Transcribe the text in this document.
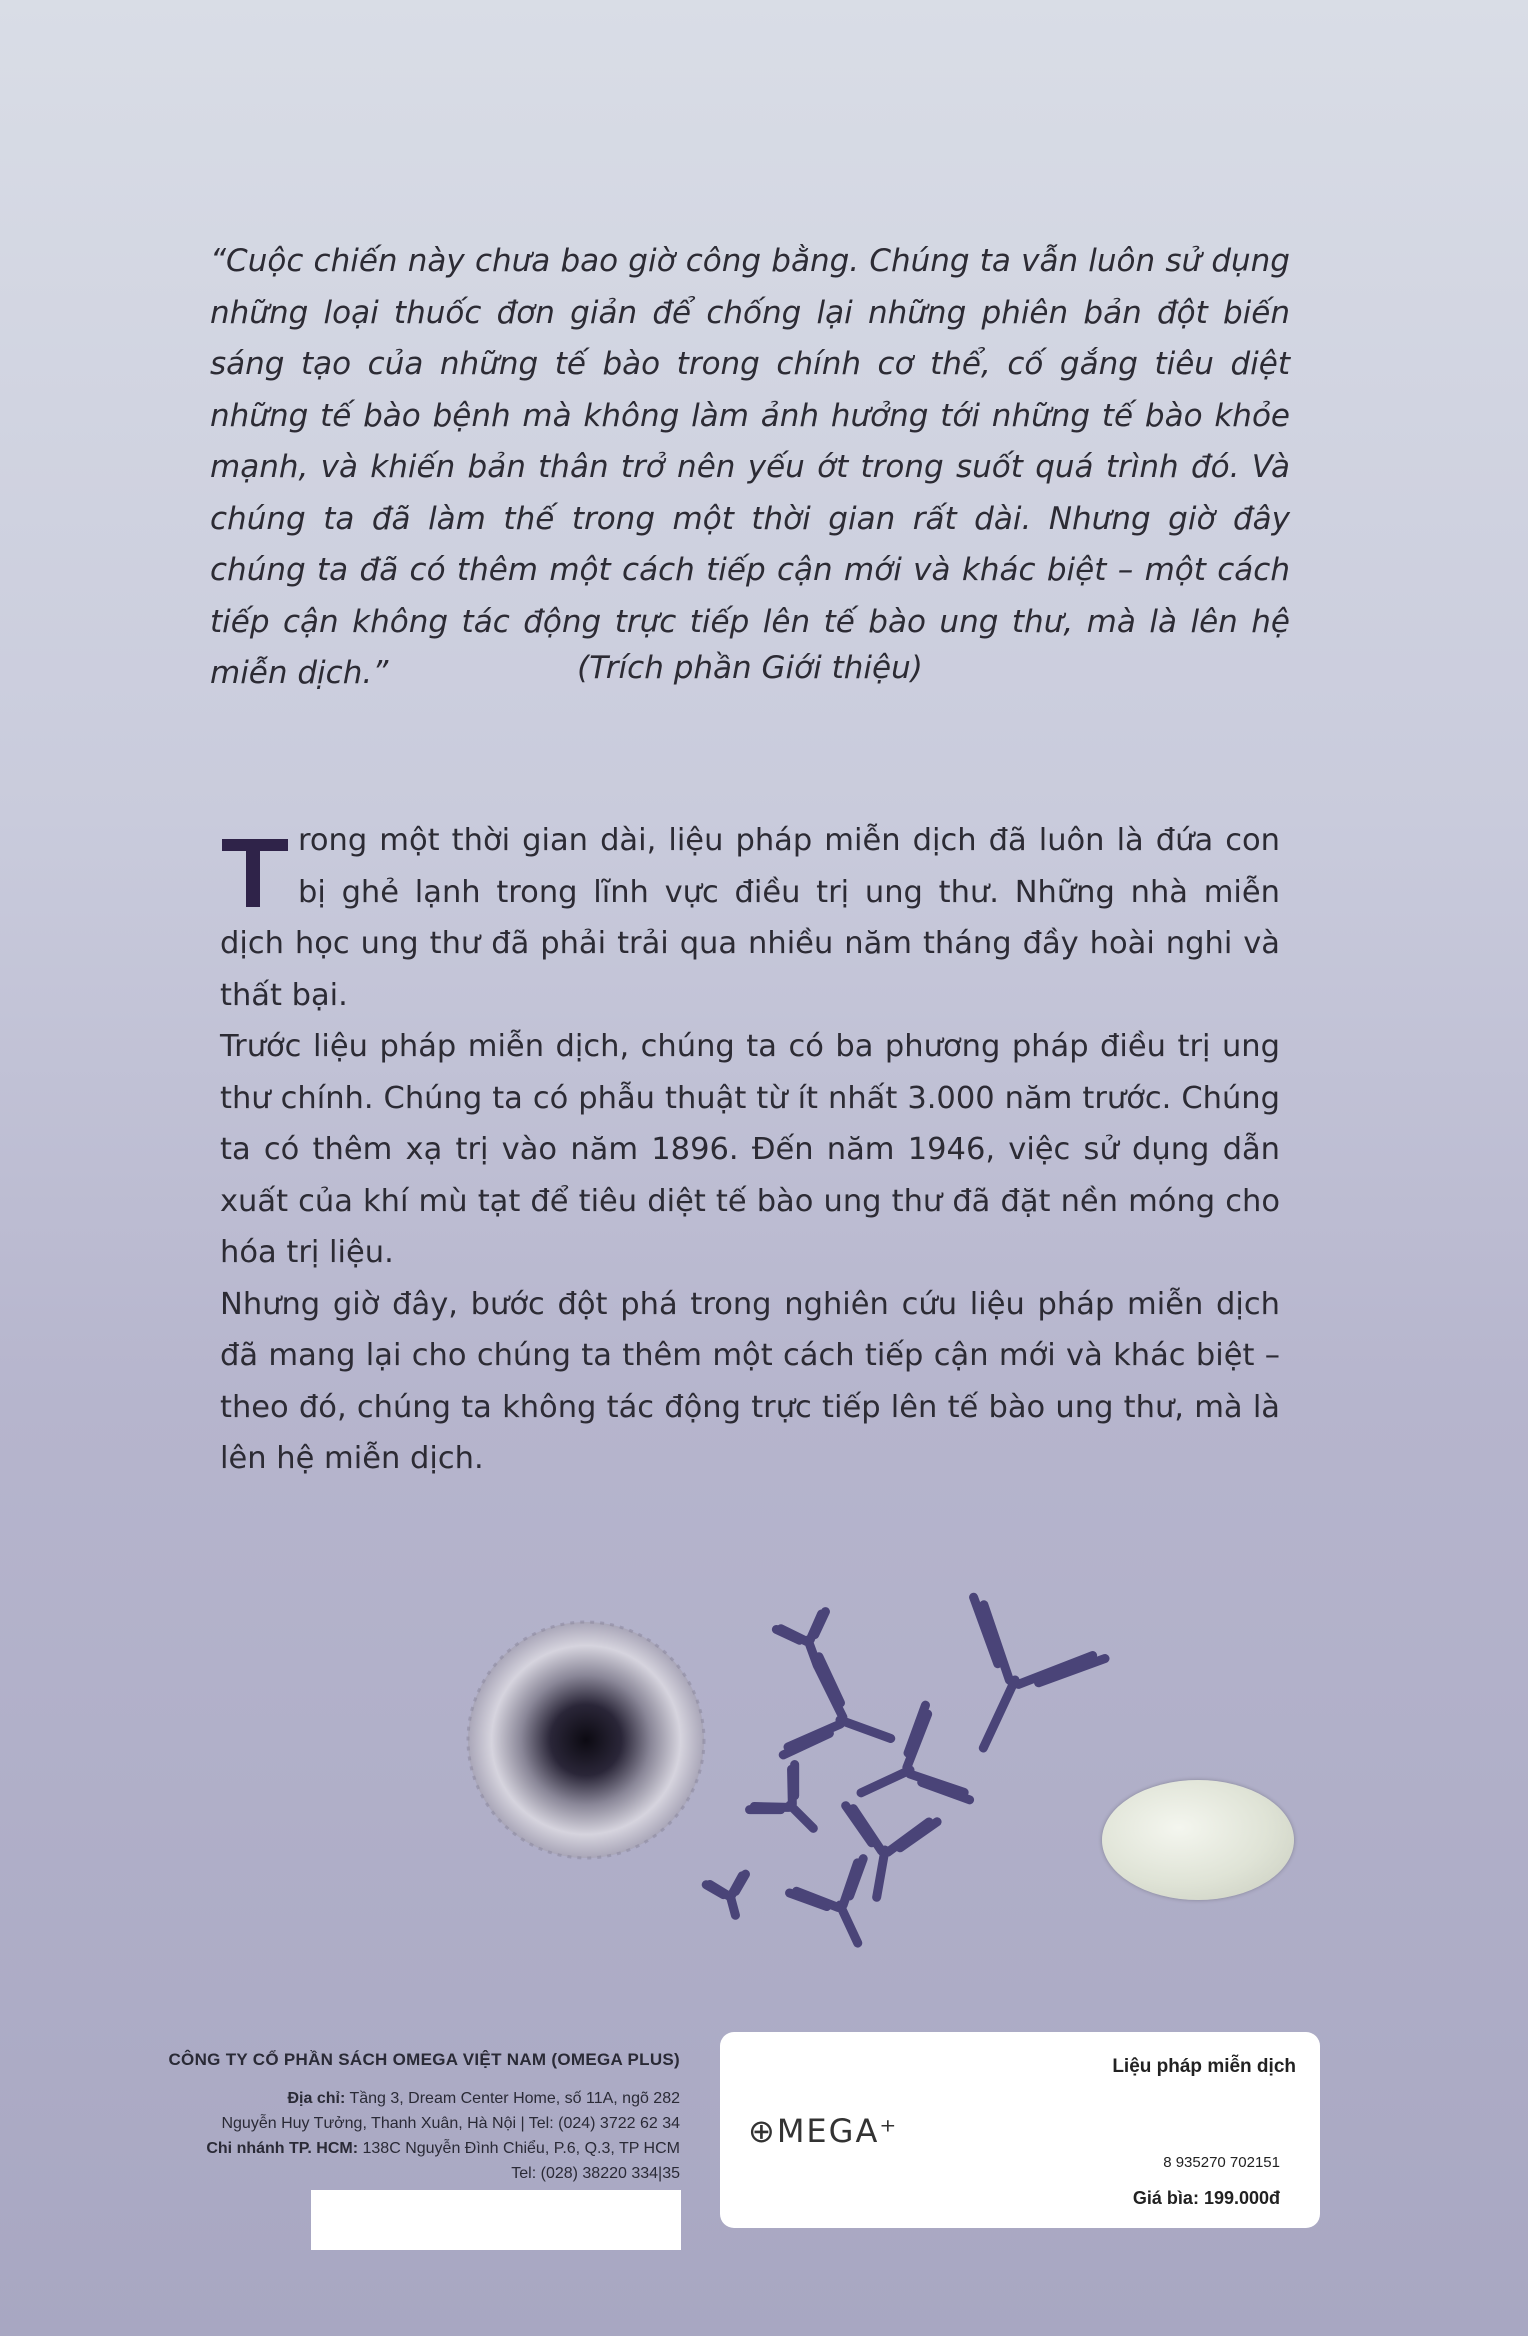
“Cuộc chiến này chưa bao giờ công bằng. Chúng ta vẫn luôn sử dụng những loại thuốc đơn giản để chống lại những phiên bản đột biến sáng tạo của những tế bào trong chính cơ thể, cố gắng tiêu diệt những tế bào bệnh mà không làm ảnh hưởng tới những tế bào khỏe mạnh, và khiến bản thân trở nên yếu ớt trong suốt quá trình đó. Và chúng ta đã làm thế trong một thời gian rất dài. Nhưng giờ đây chúng ta đã có thêm một cách tiếp cận mới và khác biệt – một cách tiếp cận không tác động trực tiếp lên tế bào ung thư, mà là lên hệ miễn dịch.”	(Trích phần Giới thiệu)

rong một thời gian dài, liệu pháp miễn dịch đã luôn là đứa con bị ghẻ lạnh trong lĩnh vực điều trị ung thư. Những nhà miễn dịch học ung thư đã phải trải qua nhiều năm tháng đầy hoài nghi và thất bại.

Trước liệu pháp miễn dịch, chúng ta có ba phương pháp điều trị ung thư chính. Chúng ta có phẫu thuật từ ít nhất 3.000 năm trước. Chúng ta có thêm xạ trị vào năm 1896. Đến năm 1946, việc sử dụng dẫn xuất của khí mù tạt để tiêu diệt tế bào ung thư đã đặt nền móng cho hóa trị liệu.

Nhưng giờ đây, bước đột phá trong nghiên cứu liệu pháp miễn dịch đã mang lại cho chúng ta thêm một cách tiếp cận mới và khác biệt – theo đó, chúng ta không tác động trực tiếp lên tế bào ung thư, mà là lên hệ miễn dịch.

CÔNG TY CỔ PHẦN SÁCH OMEGA VIỆT NAM (OMEGA PLUS)
Địa chỉ: Tầng 3, Dream Center Home, số 11A, ngõ 282
Nguyễn Huy Tưởng, Thanh Xuân, Hà Nội | Tel: (024) 3722 62 34
Chi nhánh TP. HCM: 138C Nguyễn Đình Chiểu, P.6, Q.3, TP HCM
Tel: (028) 38220 334|35
Liệu pháp miễn dịch
⊕MEGA⁺
8 935270 702151
Giá bìa: 199.000đ
